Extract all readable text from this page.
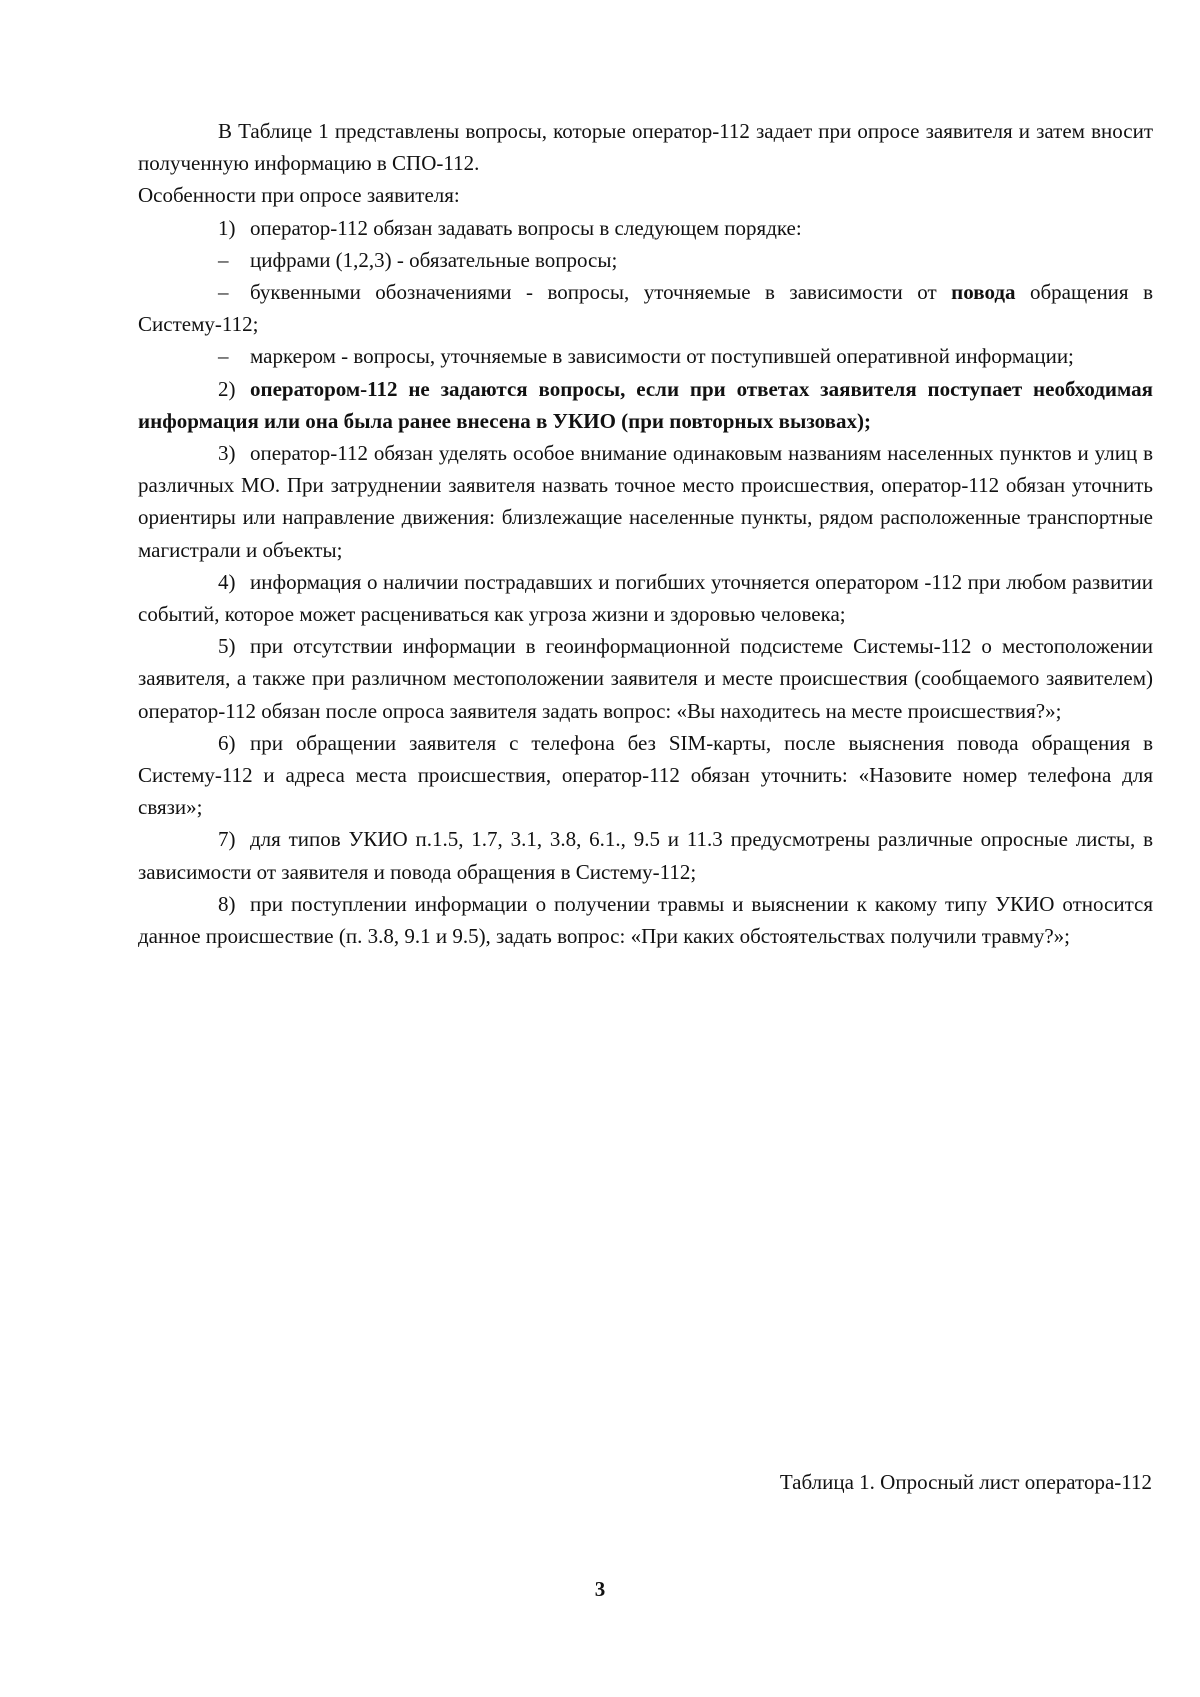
В Таблице 1 представлены вопросы, которые оператор-112 задает при опросе заявителя и затем вносит полученную информацию в СПО-112.

Особенности при опросе заявителя:

1) оператор-112 обязан задавать вопросы в следующем порядке:

– цифрами (1,2,3) - обязательные вопросы;

– буквенными обозначениями - вопросы, уточняемые в зависимости от повода обращения в Систему-112;

– маркером - вопросы, уточняемые в зависимости от поступившей оперативной информации;

2) оператором-112 не задаются вопросы, если при ответах заявителя поступает необходимая информация или она была ранее внесена в УКИО (при повторных вызовах);

3) оператор-112 обязан уделять особое внимание одинаковым названиям населенных пунктов и улиц в различных МО. При затруднении заявителя назвать точное место происшествия, оператор-112 обязан уточнить ориентиры или направление движения: близлежащие населенные пункты, рядом расположенные транспортные магистрали и объекты;

4) информация о наличии пострадавших и погибших уточняется оператором -112 при любом развитии событий, которое может расцениваться как угроза жизни и здоровью человека;

5) при отсутствии информации в геоинформационной подсистеме Системы-112 о местоположении заявителя, а также при различном местоположении заявителя и месте происшествия (сообщаемого заявителем) оператор-112 обязан после опроса заявителя задать вопрос: «Вы находитесь на месте происшествия?»;

6) при обращении заявителя с телефона без SIM-карты, после выяснения повода обращения в Систему-112 и адреса места происшествия, оператор-112 обязан уточнить: «Назовите номер телефона для связи»;

7) для типов УКИО п.1.5, 1.7, 3.1, 3.8, 6.1., 9.5 и 11.3 предусмотрены различные опросные листы, в зависимости от заявителя и повода обращения в Систему-112;

8) при поступлении информации о получении травмы и выяснении к какому типу УКИО относится данное происшествие (п. 3.8, 9.1 и 9.5), задать вопрос: «При каких обстоятельствах получили травму?»;

Таблица 1. Опросный лист оператора-112
3
